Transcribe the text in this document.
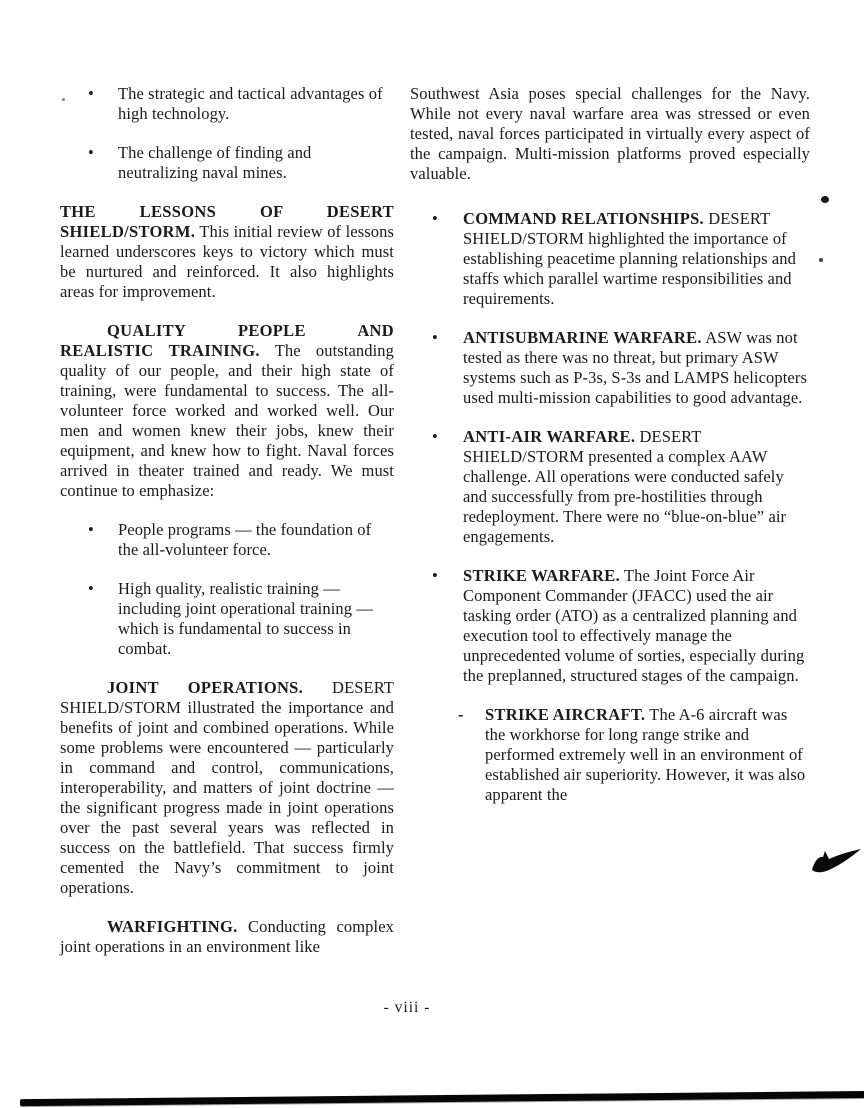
•	The strategic and tactical advantages of high technology.

•	The challenge of finding and neutralizing naval mines.

THE LESSONS OF DESERT SHIELD/STORM. This initial review of lessons learned underscores keys to victory which must be nurtured and reinforced. It also highlights areas for improvement.

QUALITY PEOPLE AND REALISTIC TRAINING. The outstanding quality of our people, and their high state of training, were fundamental to success. The all-volunteer force worked and worked well. Our men and women knew their jobs, knew their equipment, and knew how to fight. Naval forces arrived in theater trained and ready. We must continue to emphasize:

•	People programs — the foundation of the all-volunteer force.

•	High quality, realistic training — including joint operational training — which is fundamental to success in combat.

JOINT OPERATIONS. DESERT SHIELD/STORM illustrated the importance and benefits of joint and combined operations. While some problems were encountered — particularly in command and control, communications, interoperability, and matters of joint doctrine — the significant progress made in joint operations over the past several years was reflected in success on the battlefield. That success firmly cemented the Navy’s commitment to joint operations.

WARFIGHTING. Conducting complex joint operations in an environment like

Southwest Asia poses special challenges for the Navy. While not every naval warfare area was stressed or even tested, naval forces participated in virtually every aspect of the campaign. Multi-mission platforms proved especially valuable.

•	COMMAND RELATIONSHIPS. DESERT SHIELD/STORM highlighted the importance of establishing peacetime planning relationships and staffs which parallel wartime responsibilities and requirements.

•	ANTISUBMARINE WARFARE. ASW was not tested as there was no threat, but primary ASW systems such as P-3s, S-3s and LAMPS helicopters used multi-mission capabilities to good advantage.

•	ANTI-AIR WARFARE. DESERT SHIELD/STORM presented a complex AAW challenge. All operations were conducted safely and successfully from pre-hostilities through redeployment. There were no “blue-on-blue” air engagements.

•	STRIKE WARFARE. The Joint Force Air Component Commander (JFACC) used the air tasking order (ATO) as a centralized planning and execution tool to effectively manage the unprecedented volume of sorties, especially during the preplanned, structured stages of the campaign.

-	STRIKE AIRCRAFT. The A-6 aircraft was the workhorse for long range strike and performed extremely well in an environment of established air superiority. However, it was also apparent the

- viii -
